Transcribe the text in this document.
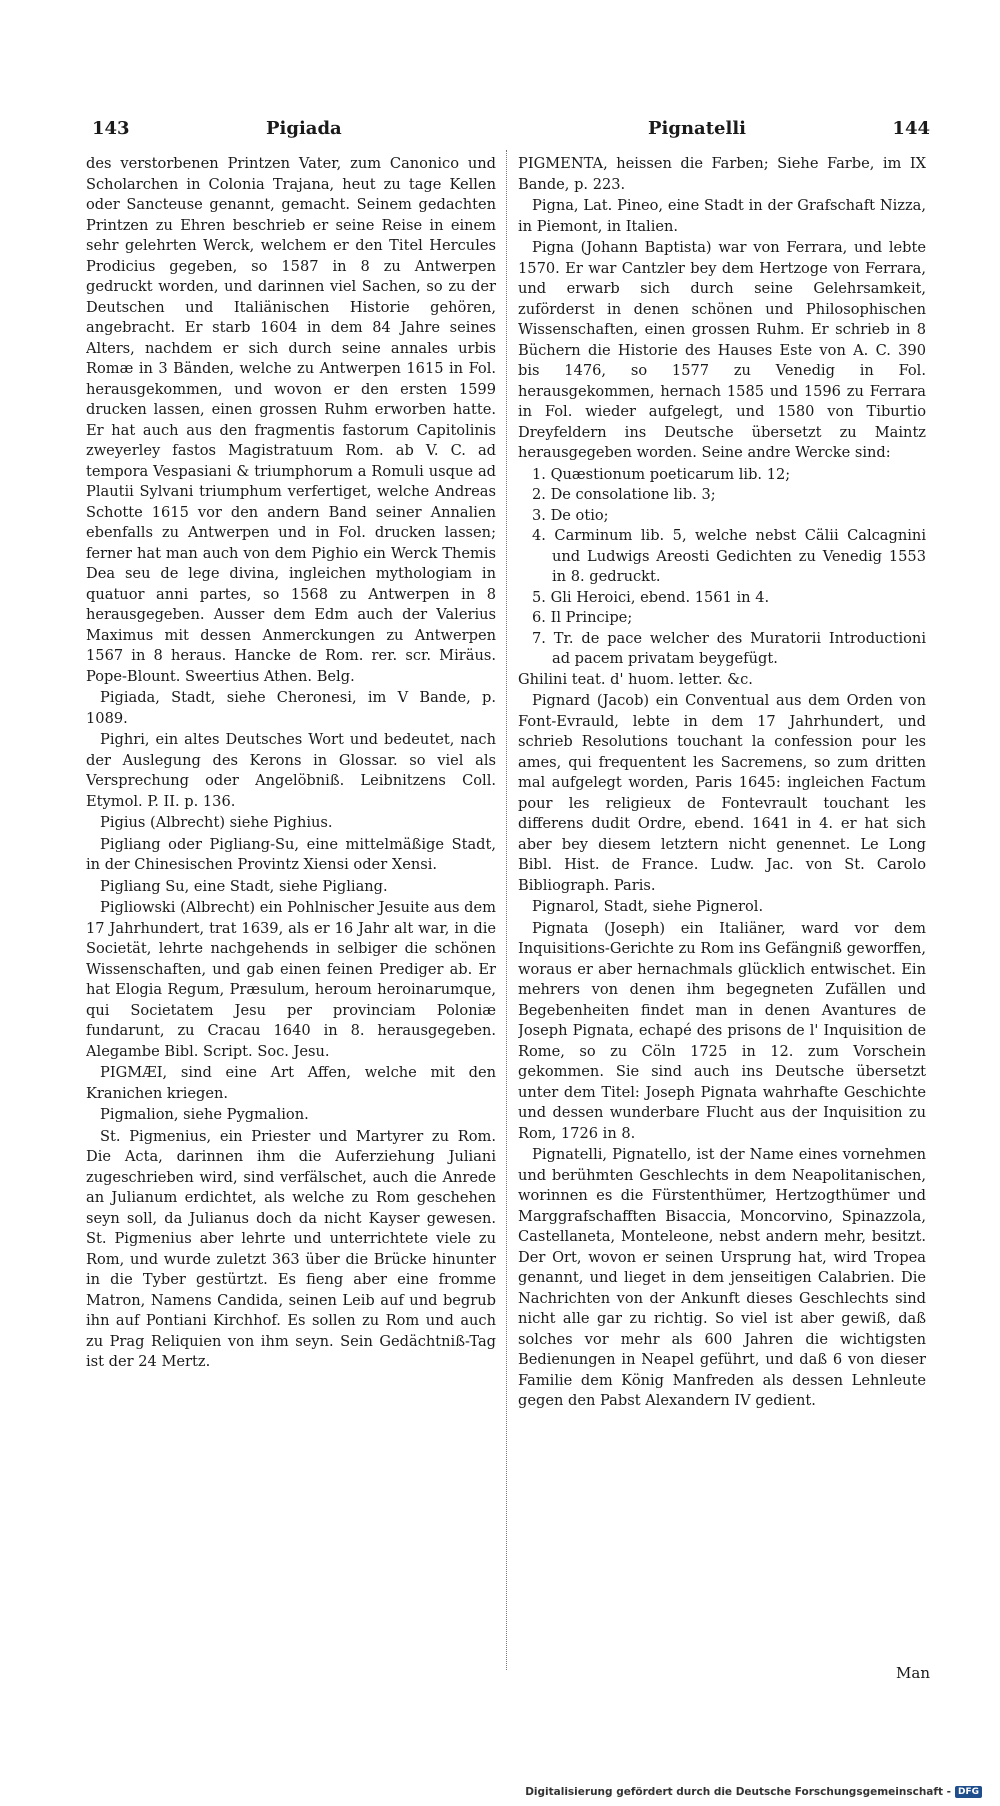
143	Pigiada	Pignatelli	144

des verstorbenen Printzen Vater, zum Canonico und Scholarchen in Colonia Trajana, heut zu tage Kellen oder Sancteuse genannt, gemacht. Seinem gedachten Printzen zu Ehren beschrieb er seine Reise in einem sehr gelehrten Werck, welchem er den Titel Hercules Prodicius gegeben, so 1587 in 8 zu Antwerpen gedruckt worden, und darinnen viel Sachen, so zu der Deutschen und Italiänischen Historie gehören, angebracht. Er starb 1604 in dem 84 Jahre seines Alters, nachdem er sich durch seine annales urbis Romæ in 3 Bänden, welche zu Antwerpen 1615 in Fol. herausgekommen, und wovon er den ersten 1599 drucken lassen, einen grossen Ruhm erworben hatte. Er hat auch aus den fragmentis fastorum Capitolinis zweyerley fastos Magistratuum Rom. ab V. C. ad tempora Vespasiani & triumphorum a Romuli usque ad Plautii Sylvani triumphum verfertiget, welche Andreas Schotte 1615 vor den andern Band seiner Annalien ebenfalls zu Antwerpen und in Fol. drucken lassen; ferner hat man auch von dem Pighio ein Werck Themis Dea seu de lege divina, ingleichen mythologiam in quatuor anni partes, so 1568 zu Antwerpen in 8 herausgegeben. Ausser dem Edm auch der Valerius Maximus mit dessen Anmerckungen zu Antwerpen 1567 in 8 heraus. Hancke de Rom. rer. scr. Miräus. Pope-Blount. Sweertius Athen. Belg.

Pigiada, Stadt, siehe Cheronesi, im V Bande, p. 1089.

Pighri, ein altes Deutsches Wort und bedeutet, nach der Auslegung des Kerons in Glossar. so viel als Versprechung oder Angelöbniß. Leibnitzens Coll. Etymol. P. II. p. 136.

Pigius (Albrecht) siehe Pighius.

Pigliang oder Pigliang-Su, eine mittelmäßige Stadt, in der Chinesischen Provintz Xiensi oder Xensi.

Pigliang Su, eine Stadt, siehe Pigliang.

Pigliowski (Albrecht) ein Pohlnischer Jesuite aus dem 17 Jahrhundert, trat 1639, als er 16 Jahr alt war, in die Societät, lehrte nachgehends in selbiger die schönen Wissenschaften, und gab einen feinen Prediger ab. Er hat Elogia Regum, Præsulum, heroum heroinarumque, qui Societatem Jesu per provinciam Poloniæ fundarunt, zu Cracau 1640 in 8. herausgegeben. Alegambe Bibl. Script. Soc. Jesu.

PIGMÆI, sind eine Art Affen, welche mit den Kranichen kriegen.

Pigmalion, siehe Pygmalion.

St. Pigmenius, ein Priester und Martyrer zu Rom. Die Acta, darinnen ihm die Auferziehung Juliani zugeschrieben wird, sind verfälschet, auch die Anrede an Julianum erdichtet, als welche zu Rom geschehen seyn soll, da Julianus doch da nicht Kayser gewesen. St. Pigmenius aber lehrte und unterrichtete viele zu Rom, und wurde zuletzt 363 über die Brücke hinunter in die Tyber gestürtzt. Es fieng aber eine fromme Matron, Namens Candida, seinen Leib auf und begrub ihn auf Pontiani Kirchhof. Es sollen zu Rom und auch zu Prag Reliquien von ihm seyn. Sein Gedächtniß-Tag ist der 24 Mertz.

PIGMENTA, heissen die Farben; Siehe Farbe, im IX Bande, p. 223.

Pigna, Lat. Pineo, eine Stadt in der Grafschaft Nizza, in Piemont, in Italien.

Pigna (Johann Baptista) war von Ferrara, und lebte 1570. Er war Cantzler bey dem Hertzoge von Ferrara, und erwarb sich durch seine Gelehrsamkeit, zuförderst in denen schönen und Philosophischen Wissenschaften, einen grossen Ruhm. Er schrieb in 8 Büchern die Historie des Hauses Este von A. C. 390 bis 1476, so 1577 zu Venedig in Fol. herausgekommen, hernach 1585 und 1596 zu Ferrara in Fol. wieder aufgelegt, und 1580 von Tiburtio Dreyfeldern ins Deutsche übersetzt zu Maintz herausgegeben worden. Seine andre Wercke sind:

1. Quæstionum poeticarum lib. 12;
2. De consolatione lib. 3;
3. De otio;
4. Carminum lib. 5, welche nebst Cälii Calcagnini und Ludwigs Areosti Gedichten zu Venedig 1553 in 8. gedruckt.
5. Gli Heroici, ebend. 1561 in 4.
6. Il Principe;
7. Tr. de pace welcher des Muratorii Introductioni ad pacem privatam beygefügt.

Ghilini teat. d' huom. letter. &c.

Pignard (Jacob) ein Conventual aus dem Orden von Font-Evrauld, lebte in dem 17 Jahrhundert, und schrieb Resolutions touchant la confession pour les ames, qui frequentent les Sacremens, so zum dritten mal aufgelegt worden, Paris 1645: ingleichen Factum pour les religieux de Fontevrault touchant les differens dudit Ordre, ebend. 1641 in 4. er hat sich aber bey diesem letztern nicht genennet. Le Long Bibl. Hist. de France. Ludw. Jac. von St. Carolo Bibliograph. Paris.

Pignarol, Stadt, siehe Pignerol.

Pignata (Joseph) ein Italiäner, ward vor dem Inquisitions-Gerichte zu Rom ins Gefängniß geworffen, woraus er aber hernachmals glücklich entwischet. Ein mehrers von denen ihm begegneten Zufällen und Begebenheiten findet man in denen Avantures de Joseph Pignata, echapé des prisons de l' Inquisition de Rome, so zu Cöln 1725 in 12. zum Vorschein gekommen. Sie sind auch ins Deutsche übersetzt unter dem Titel: Joseph Pignata wahrhafte Geschichte und dessen wunderbare Flucht aus der Inquisition zu Rom, 1726 in 8.

Pignatelli, Pignatello, ist der Name eines vornehmen und berühmten Geschlechts in dem Neapolitanischen, worinnen es die Fürstenthümer, Hertzogthümer und Marggrafschafften Bisaccia, Moncorvino, Spinazzola, Castellaneta, Monteleone, nebst andern mehr, besitzt. Der Ort, wovon er seinen Ursprung hat, wird Tropea genannt, und lieget in dem jenseitigen Calabrien. Die Nachrichten von der Ankunft dieses Geschlechts sind nicht alle gar zu richtig. So viel ist aber gewiß, daß solches vor mehr als 600 Jahren die wichtigsten Bedienungen in Neapel geführt, und daß 6 von dieser Familie dem König Manfreden als dessen Lehnleute gegen den Pabst Alexandern IV gedient.

Man
Digitalisierung gefördert durch die Deutsche Forschungsgemeinschaft - DFG
